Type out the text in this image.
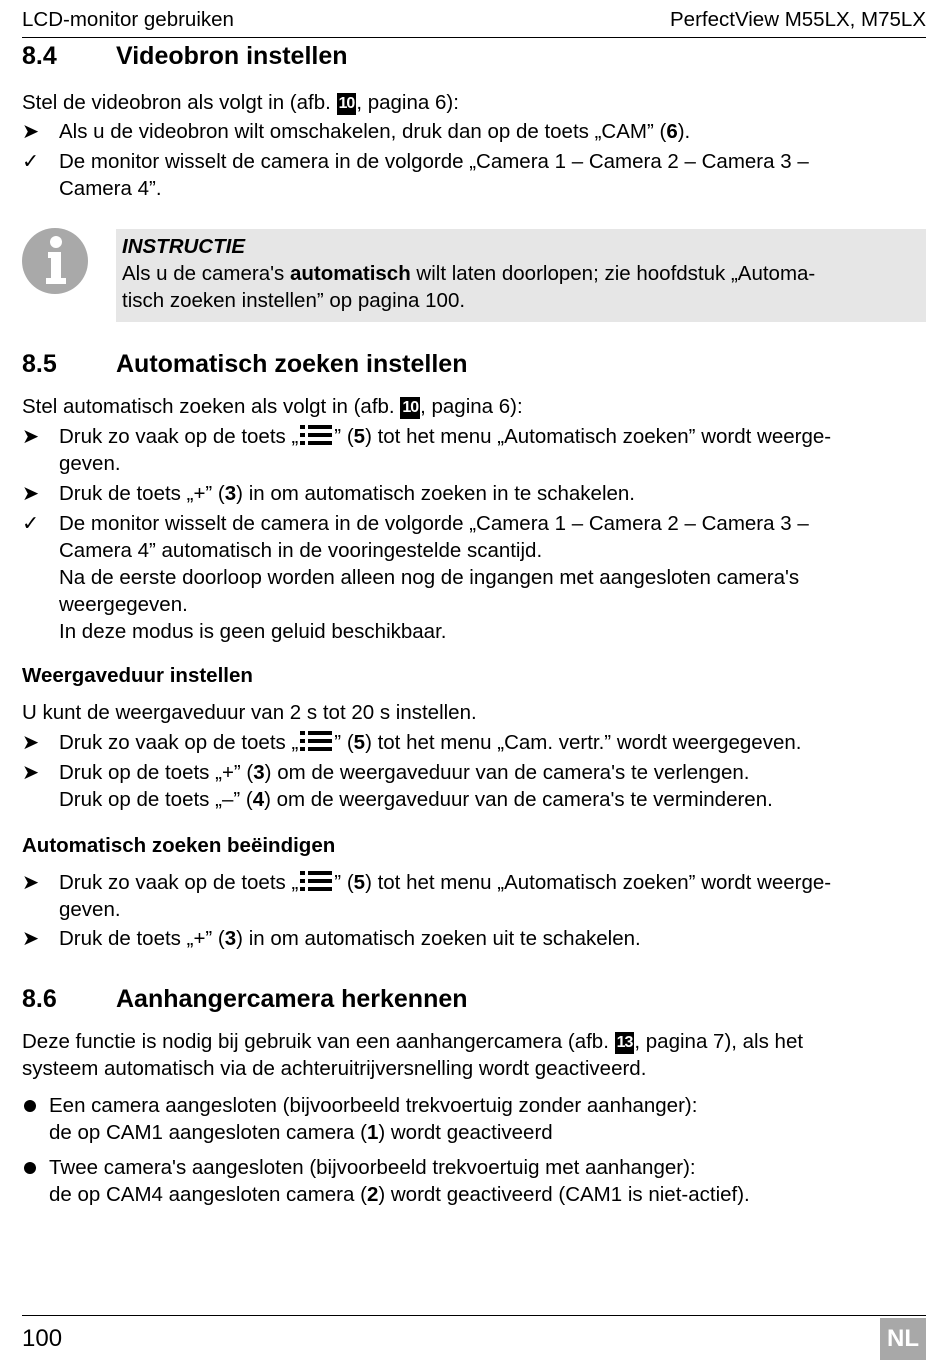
LCD-monitor gebruiken	PerfectView M55LX, M75LX
8.4 Videobron instellen
Stel de videobron als volgt in (afb. 10, pagina 6):
➤ Als u de videobron wilt omschakelen, druk dan op de toets „CAM” (6).
✓ De monitor wisselt de camera in de volgorde „Camera 1 – Camera 2 – Camera 3 –
Camera 4”.
INSTRUCTIE
Als u de camera's automatisch wilt laten doorlopen; zie hoofdstuk „Automa-
tisch zoeken instellen” op pagina 100.
8.5 Automatisch zoeken instellen
Stel automatisch zoeken als volgt in (afb. 10, pagina 6):
➤ Druk zo vaak op de toets „ ” (5) tot het menu „Automatisch zoeken” wordt weerge-
geven.
➤ Druk de toets „+” (3) in om automatisch zoeken in te schakelen.
✓ De monitor wisselt de camera in de volgorde „Camera 1 – Camera 2 – Camera 3 –
Camera 4” automatisch in de vooringestelde scantijd.
Na de eerste doorloop worden alleen nog de ingangen met aangesloten camera's
weergegeven.
In deze modus is geen geluid beschikbaar.
Weergaveduur instellen
U kunt de weergaveduur van 2 s tot 20 s instellen.
➤ Druk zo vaak op de toets „ ” (5) tot het menu „Cam. vertr.” wordt weergegeven.
➤ Druk op de toets „+” (3) om de weergaveduur van de camera's te verlengen.
Druk op de toets „–” (4) om de weergaveduur van de camera's te verminderen.
Automatisch zoeken beëindigen
➤ Druk zo vaak op de toets „ ” (5) tot het menu „Automatisch zoeken” wordt weerge-
geven.
➤ Druk de toets „+” (3) in om automatisch zoeken uit te schakelen.
8.6 Aanhangercamera herkennen
Deze functie is nodig bij gebruik van een aanhangercamera (afb. 13, pagina 7), als het
systeem automatisch via de achteruitrijversnelling wordt geactiveerd.
Een camera aangesloten (bijvoorbeeld trekvoertuig zonder aanhanger):
de op CAM1 aangesloten camera (1) wordt geactiveerd
Twee camera's aangesloten (bijvoorbeeld trekvoertuig met aanhanger):
de op CAM4 aangesloten camera (2) wordt geactiveerd (CAM1 is niet-actief).
100	NL
